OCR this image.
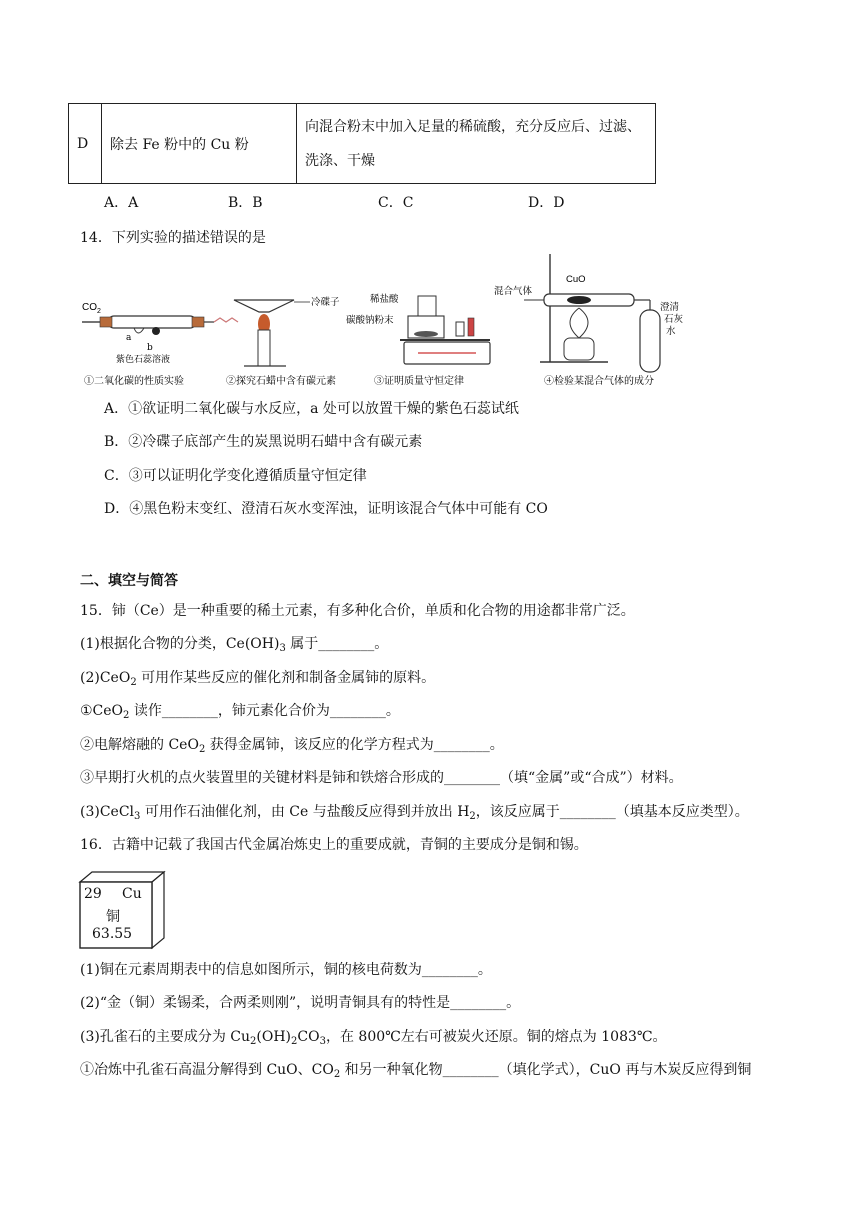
D	除去 Fe 粉中的 Cu 粉	向混合粉末中加入足量的稀硫酸，充分反应后、过滤、
洗涤、干燥
A．A	B．B	C．C	D．D
14．下列实验的描述错误的是
$CO_2$
a
b
紫色石蕊溶液
①二氧化碳的性质实验
冷碟子
②探究石蜡中含有碳元素
稀盐酸
碳酸钠粉末
③证明质量守恒定律
CuO
混合气体
澄清
石灰
水
④检验某混合气体的成分
A．①欲证明二氧化碳与水反应，a 处可以放置干燥的紫色石蕊试纸
B．②冷碟子底部产生的炭黑说明石蜡中含有碳元素
C．③可以证明化学变化遵循质量守恒定律
D．④黑色粉末变红、澄清石灰水变浑浊，证明该混合气体中可能有 CO
二、填空与简答
15．铈（Ce）是一种重要的稀土元素，有多种化合价，单质和化合物的用途都非常广泛。
(1)根据化合物的分类，$Ce(OH)_3$ 属于________。
(2)CeO$_2$ 可用作某些反应的催化剂和制备金属铈的原料。
①CeO$_2$ 读作________，铈元素化合价为________。
②电解熔融的 CeO$_2$ 获得金属铈，该反应的化学方程式为________。
③早期打火机的点火装置里的关键材料是铈和铁熔合形成的________（填“金属”或“合成”）材料。
(3)CeCl$_3$ 可用作石油催化剂，由 Ce 与盐酸反应得到并放出 $H_2$，该反应属于________（填基本反应类型）。
16．古籍中记载了我国古代金属冶炼史上的重要成就，青铜的主要成分是铜和锡。
29 Cu
铜
63.55
(1)铜在元素周期表中的信息如图所示，铜的核电荷数为________。
(2)“金（铜）柔锡柔，合两柔则刚”，说明青铜具有的特性是________。
(3)孔雀石的主要成分为 $Cu_2(OH)_2CO_3$，在 800℃左右可被炭火还原。铜的熔点为 1083℃。
①冶炼中孔雀石高温分解得到 CuO、$CO_2$ 和另一种氧化物________（填化学式），CuO 再与木炭反应得到铜
